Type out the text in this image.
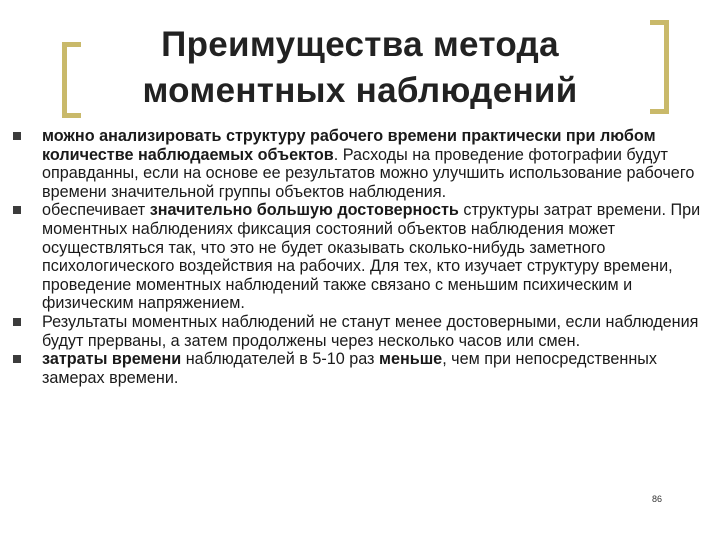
Преимущества метода
моментных наблюдений
можно анализировать структуру рабочего времени практически при любом количестве наблюдаемых объектов. Расходы на проведение фотографии будут оправданны, если на основе ее результатов можно улучшить использование рабочего времени значительной группы объектов наблюдения.
обеспечивает значительно большую достоверность структуры затрат времени. При моментных наблюдениях фиксация состояний объектов наблюдения может осуществляться так, что это не будет оказывать сколько-нибудь заметного психологического воздействия на рабочих. Для тех, кто изучает структуру времени, проведение моментных наблюдений также связано с меньшим психическим и физическим напряжением.
Результаты моментных наблюдений не станут менее достоверными, если наблюдения будут прерваны, а затем продолжены через несколько часов или смен.
затраты времени наблюдателей в 5-10 раз меньше, чем при непосредственных замерах времени.
86
